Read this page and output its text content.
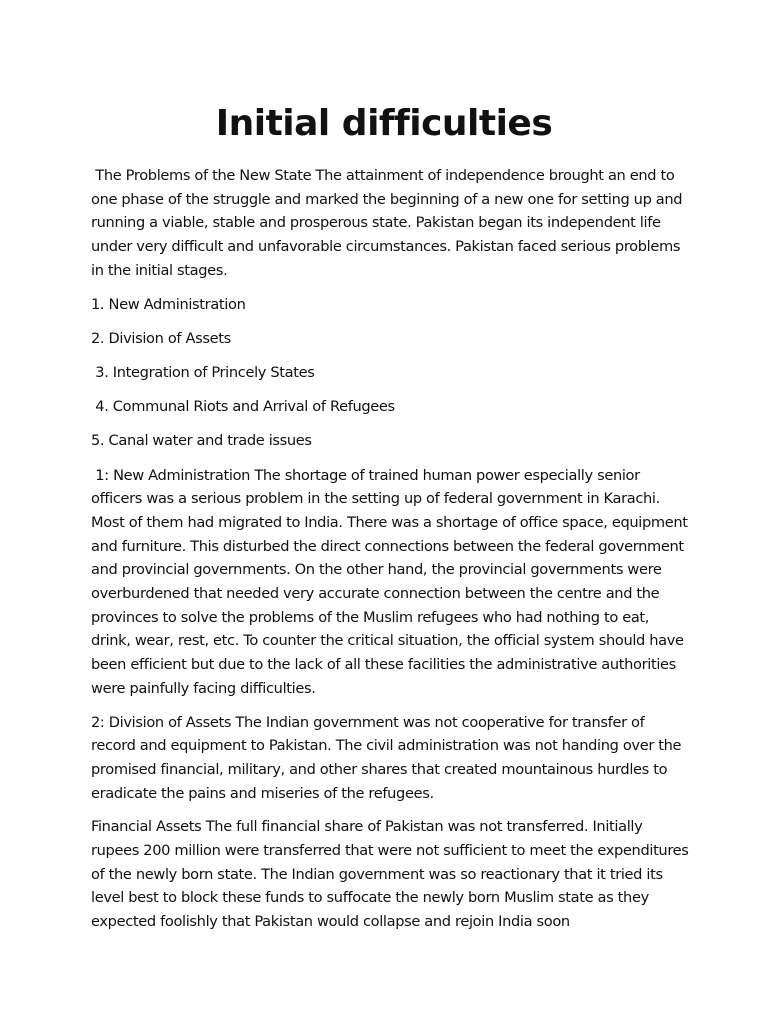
Initial difficulties

The Problems of the New State The attainment of independence brought an end to one phase of the struggle and marked the beginning of a new one for setting up and running a viable, stable and prosperous state. Pakistan began its independent life under very difficult and unfavorable circumstances. Pakistan faced serious problems in the initial stages.

1. New Administration

2. Division of Assets

3. Integration of Princely States

4. Communal Riots and Arrival of Refugees

5. Canal water and trade issues

1: New Administration The shortage of trained human power especially senior officers was a serious problem in the setting up of federal government in Karachi. Most of them had migrated to India. There was a shortage of office space, equipment and furniture. This disturbed the direct connections between the federal government and provincial governments. On the other hand, the provincial governments were overburdened that needed very accurate connection between the centre and the provinces to solve the problems of the Muslim refugees who had nothing to eat, drink, wear, rest, etc. To counter the critical situation, the official system should have been efficient but due to the lack of all these facilities the administrative authorities were painfully facing difficulties.

2: Division of Assets The Indian government was not cooperative for transfer of record and equipment to Pakistan. The civil administration was not handing over the promised financial, military, and other shares that created mountainous hurdles to eradicate the pains and miseries of the refugees.

Financial Assets The full financial share of Pakistan was not transferred. Initially rupees 200 million were transferred that were not sufficient to meet the expenditures of the newly born state. The Indian government was so reactionary that it tried its level best to block these funds to suffocate the newly born Muslim state as they expected foolishly that Pakistan would collapse and rejoin India soon
